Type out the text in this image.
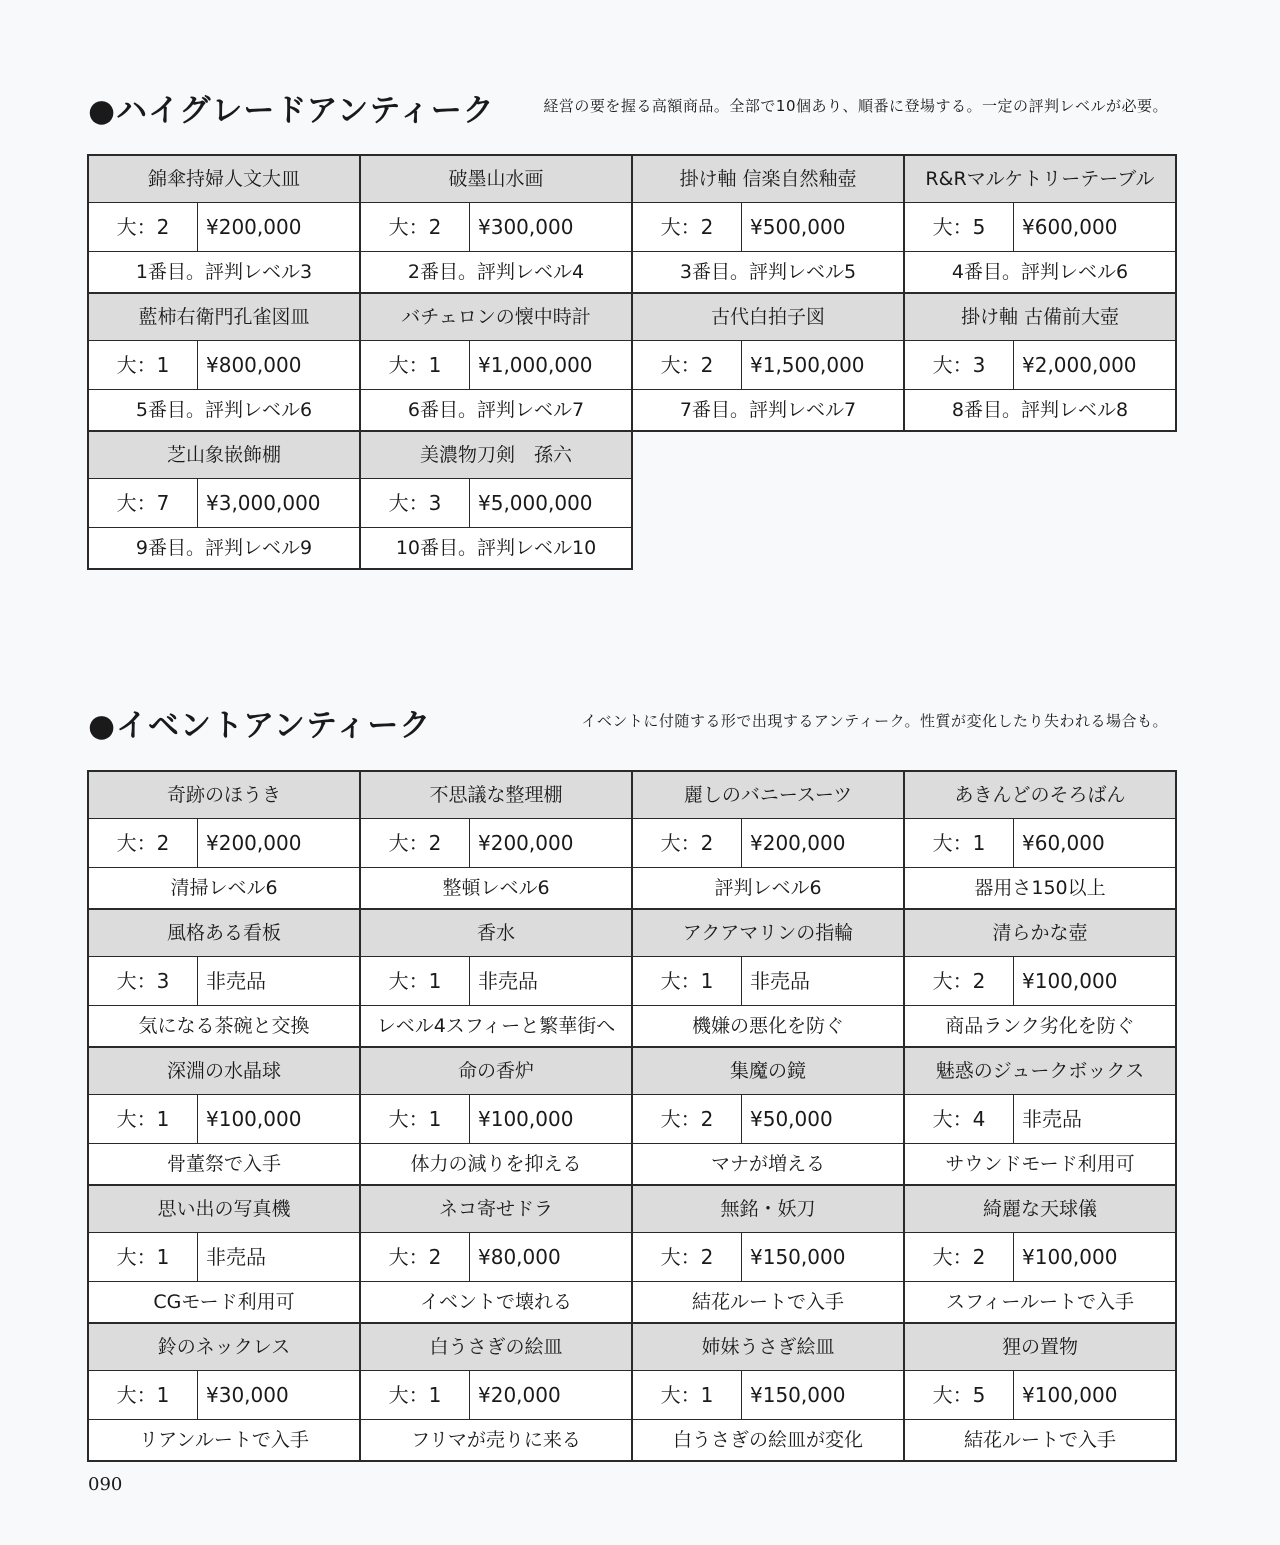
●ハイグレードアンティーク	経営の要を握る高額商品。全部で10個あり、順番に登場する。一定の評判レベルが必要。
錦傘持婦人文大皿
大：2	¥200,000
1番目。評判レベル3
破墨山水画
大：2	¥300,000
2番目。評判レベル4
掛け軸 信楽自然釉壺
大：2	¥500,000
3番目。評判レベル5
R&Rマルケトリーテーブル
大：5	¥600,000
4番目。評判レベル6
藍柿右衛門孔雀図皿
大：1	¥800,000
5番目。評判レベル6
バチェロンの懐中時計
大：1	¥1,000,000
6番目。評判レベル7
古代白拍子図
大：2	¥1,500,000
7番目。評判レベル7
掛け軸 古備前大壺
大：3	¥2,000,000
8番目。評判レベル8
芝山象嵌飾棚
大：7	¥3,000,000
9番目。評判レベル9
美濃物刀剣　孫六
大：3	¥5,000,000
10番目。評判レベル10
●イベントアンティーク	イベントに付随する形で出現するアンティーク。性質が変化したり失われる場合も。
奇跡のほうき
大：2	¥200,000
清掃レベル6
不思議な整理棚
大：2	¥200,000
整頓レベル6
麗しのバニースーツ
大：2	¥200,000
評判レベル6
あきんどのそろばん
大：1	¥60,000
器用さ150以上
風格ある看板
大：3	非売品
気になる茶碗と交換
香水
大：1	非売品
レベル4スフィーと繁華街へ
アクアマリンの指輪
大：1	非売品
機嫌の悪化を防ぐ
清らかな壺
大：2	¥100,000
商品ランク劣化を防ぐ
深淵の水晶球
大：1	¥100,000
骨董祭で入手
命の香炉
大：1	¥100,000
体力の減りを抑える
集魔の鏡
大：2	¥50,000
マナが増える
魅惑のジュークボックス
大：4	非売品
サウンドモード利用可
思い出の写真機
大：1	非売品
CGモード利用可
ネコ寄せドラ
大：2	¥80,000
イベントで壊れる
無銘・妖刀
大：2	¥150,000
結花ルートで入手
綺麗な天球儀
大：2	¥100,000
スフィールートで入手
鈴のネックレス
大：1	¥30,000
リアンルートで入手
白うさぎの絵皿
大：1	¥20,000
フリマが売りに来る
姉妹うさぎ絵皿
大：1	¥150,000
白うさぎの絵皿が変化
狸の置物
大：5	¥100,000
結花ルートで入手
090
